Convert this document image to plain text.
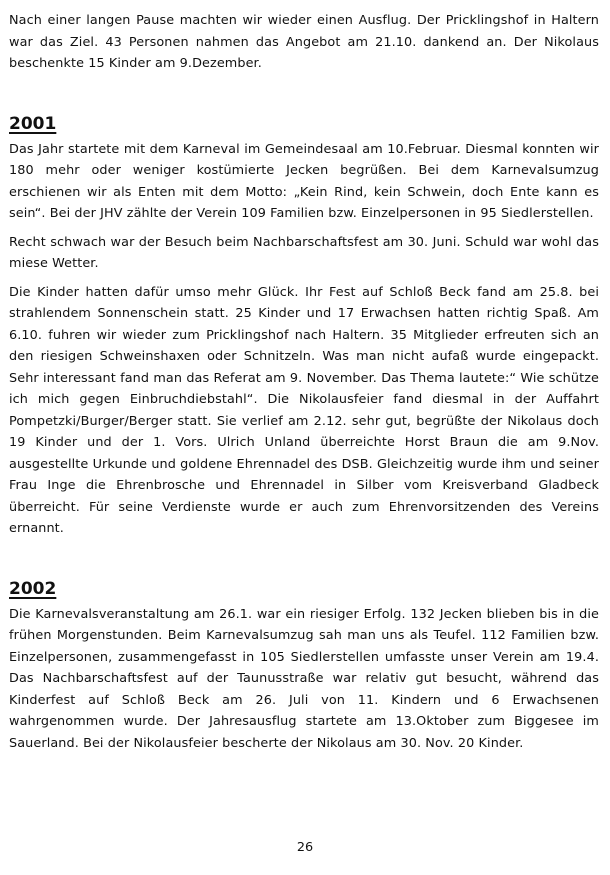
Nach einer langen Pause machten wir wieder einen Ausflug. Der Pricklingshof in Haltern war das Ziel. 43 Personen nahmen das Angebot am 21.10. dankend an. Der Nikolaus beschenkte 15 Kinder am 9.Dezember.

2001

Das Jahr startete mit dem Karneval im Gemeindesaal am 10.Februar. Diesmal konnten wir 180 mehr oder weniger kostümierte Jecken begrüßen. Bei dem Karnevalsumzug erschienen wir als Enten mit dem Motto: „Kein Rind, kein Schwein, doch Ente kann es sein“. Bei der JHV zählte der Verein 109 Familien bzw. Einzelpersonen in 95 Siedlerstellen.

Recht schwach war der Besuch beim Nachbarschaftsfest am 30. Juni. Schuld war wohl das miese Wetter.

Die Kinder hatten dafür umso mehr Glück. Ihr Fest auf Schloß Beck fand am 25.8. bei strahlendem Sonnenschein statt. 25 Kinder und 17 Erwachsen hatten richtig Spaß. Am 6.10. fuhren wir wieder zum Pricklingshof nach Haltern. 35 Mitglieder erfreuten sich an den riesigen Schweinshaxen oder Schnitzeln. Was man nicht aufaß wurde eingepackt. Sehr interessant fand man das Referat am 9. November. Das Thema lautete:“ Wie schütze ich mich gegen Einbruchdiebstahl“. Die Nikolausfeier fand diesmal in der Auffahrt Pompetzki/Burger/Berger statt. Sie verlief am 2.12. sehr gut, begrüßte der Nikolaus doch 19 Kinder und der 1. Vors. Ulrich Unland überreichte Horst Braun die am 9.Nov. ausgestellte Urkunde und goldene Ehrennadel des DSB. Gleichzeitig wurde ihm und seiner Frau Inge die Ehrenbrosche und Ehrennadel in Silber vom Kreisverband Gladbeck überreicht. Für seine Verdienste wurde er auch zum Ehrenvorsitzenden des Vereins ernannt.

2002

Die Karnevalsveranstaltung am 26.1. war ein riesiger Erfolg. 132 Jecken blieben bis in die frühen Morgenstunden. Beim Karnevalsumzug sah man uns als Teufel. 112 Familien bzw. Einzelpersonen, zusammengefasst in 105 Siedlerstellen umfasste unser Verein am 19.4. Das Nachbarschaftsfest auf der Taunusstraße war relativ gut besucht, während das Kinderfest auf Schloß Beck am 26. Juli von 11. Kindern und 6 Erwachsenen wahrgenommen wurde. Der Jahresausflug startete am 13.Oktober zum Biggesee im Sauerland. Bei der Nikolausfeier bescherte der Nikolaus am 30. Nov. 20 Kinder.

26
